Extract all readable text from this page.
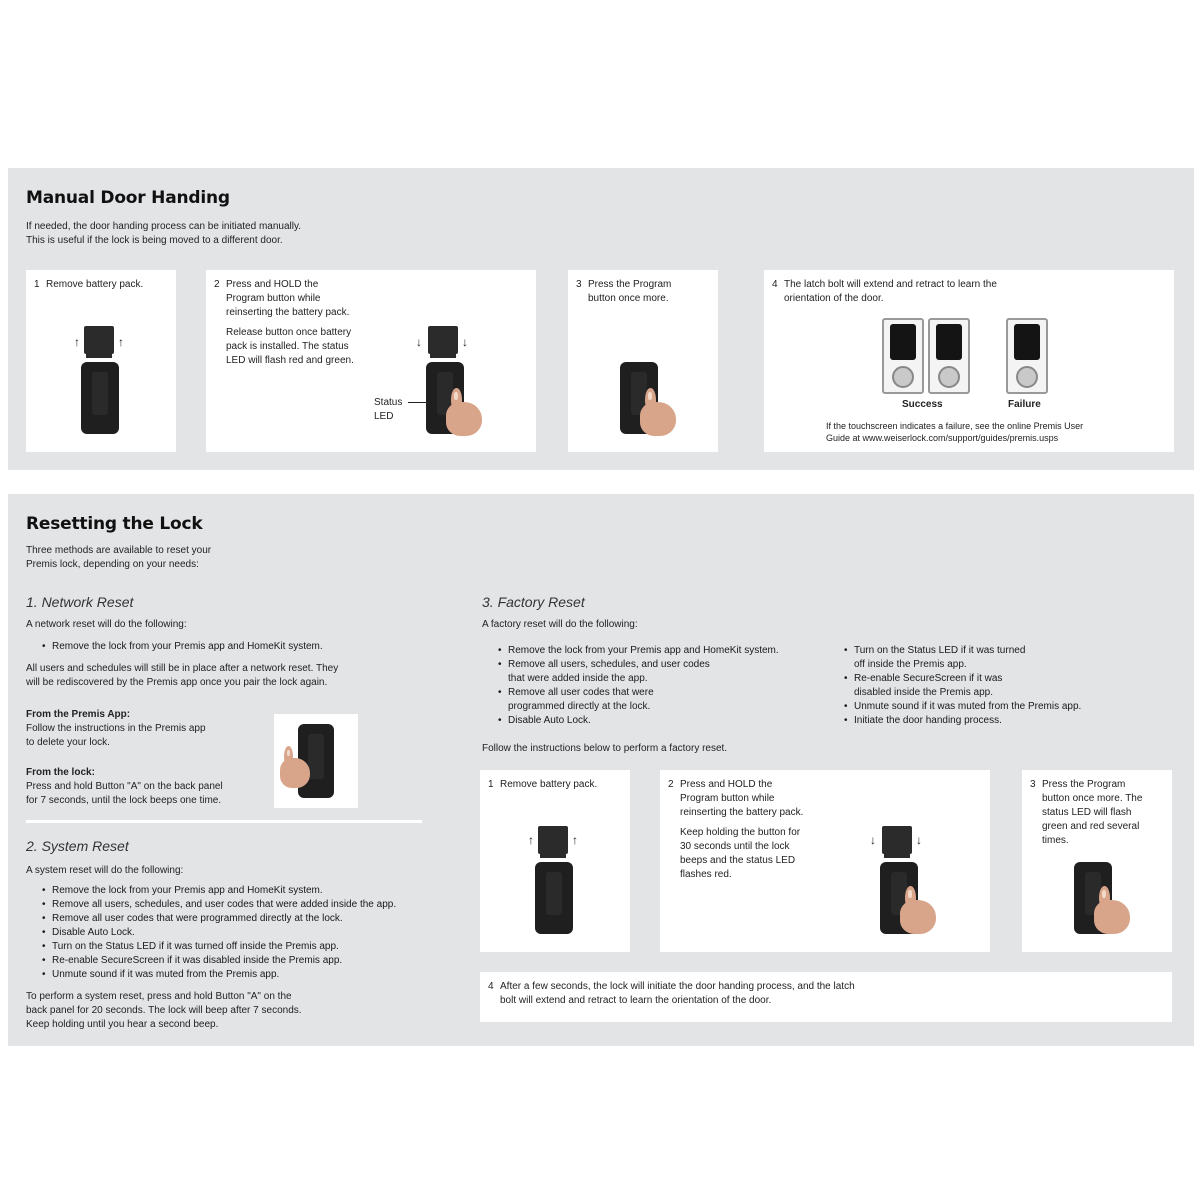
Manual Door Handing
If needed, the door handing process can be initiated manually.
This is useful if the lock is being moved to a different door.
1 Remove battery pack.
↑	↑
2 Press and HOLD the
Program button while
reinserting the battery pack.
Release button once battery
pack is installed. The status
LED will flash red and green.
↓	↓
Status
LED
3 Press the Program
button once more.
4 The latch bolt will extend and retract to learn the
orientation of the door.
Success	Failure
If the touchscreen indicates a failure, see the online Premis User
Guide at www.weiserlock.com/support/guides/premis.usps
Resetting the Lock
Three methods are available to reset your
Premis lock, depending on your needs:
1. Network Reset
A network reset will do the following:
• Remove the lock from your Premis app and HomeKit system.
All users and schedules will still be in place after a network reset. They
will be rediscovered by the Premis app once you pair the lock again.
From the Premis App:
Follow the instructions in the Premis app
to delete your lock.
From the lock:
Press and hold Button "A" on the back panel
for 7 seconds, until the lock beeps one time.
2. System Reset
A system reset will do the following:
• Remove the lock from your Premis app and HomeKit system.
• Remove all users, schedules, and user codes that were added inside the app.
• Remove all user codes that were programmed directly at the lock.
• Disable Auto Lock.
• Turn on the Status LED if it was turned off inside the Premis app.
• Re-enable SecureScreen if it was disabled inside the Premis app.
• Unmute sound if it was muted from the Premis app.
To perform a system reset, press and hold Button "A" on the
back panel for 20 seconds. The lock will beep after 7 seconds.
Keep holding until you hear a second beep.
3. Factory Reset
A factory reset will do the following:
• Remove the lock from your Premis app and HomeKit system.
• Remove all users, schedules, and user codes
that were added inside the app.
• Remove all user codes that were
programmed directly at the lock.
• Disable Auto Lock.
• Turn on the Status LED if it was turned
off inside the Premis app.
• Re-enable SecureScreen if it was
disabled inside the Premis app.
• Unmute sound if it was muted from the Premis app.
• Initiate the door handing process.
Follow the instructions below to perform a factory reset.
1 Remove battery pack.
↑	↑
2 Press and HOLD the
Program button while
reinserting the battery pack.
Keep holding the button for
30 seconds until the lock
beeps and the status LED
flashes red.
↓	↓
3 Press the Program
button once more. The
status LED will flash
green and red several
times.
4 After a few seconds, the lock will initiate the door handing process, and the latch
bolt will extend and retract to learn the orientation of the door.
